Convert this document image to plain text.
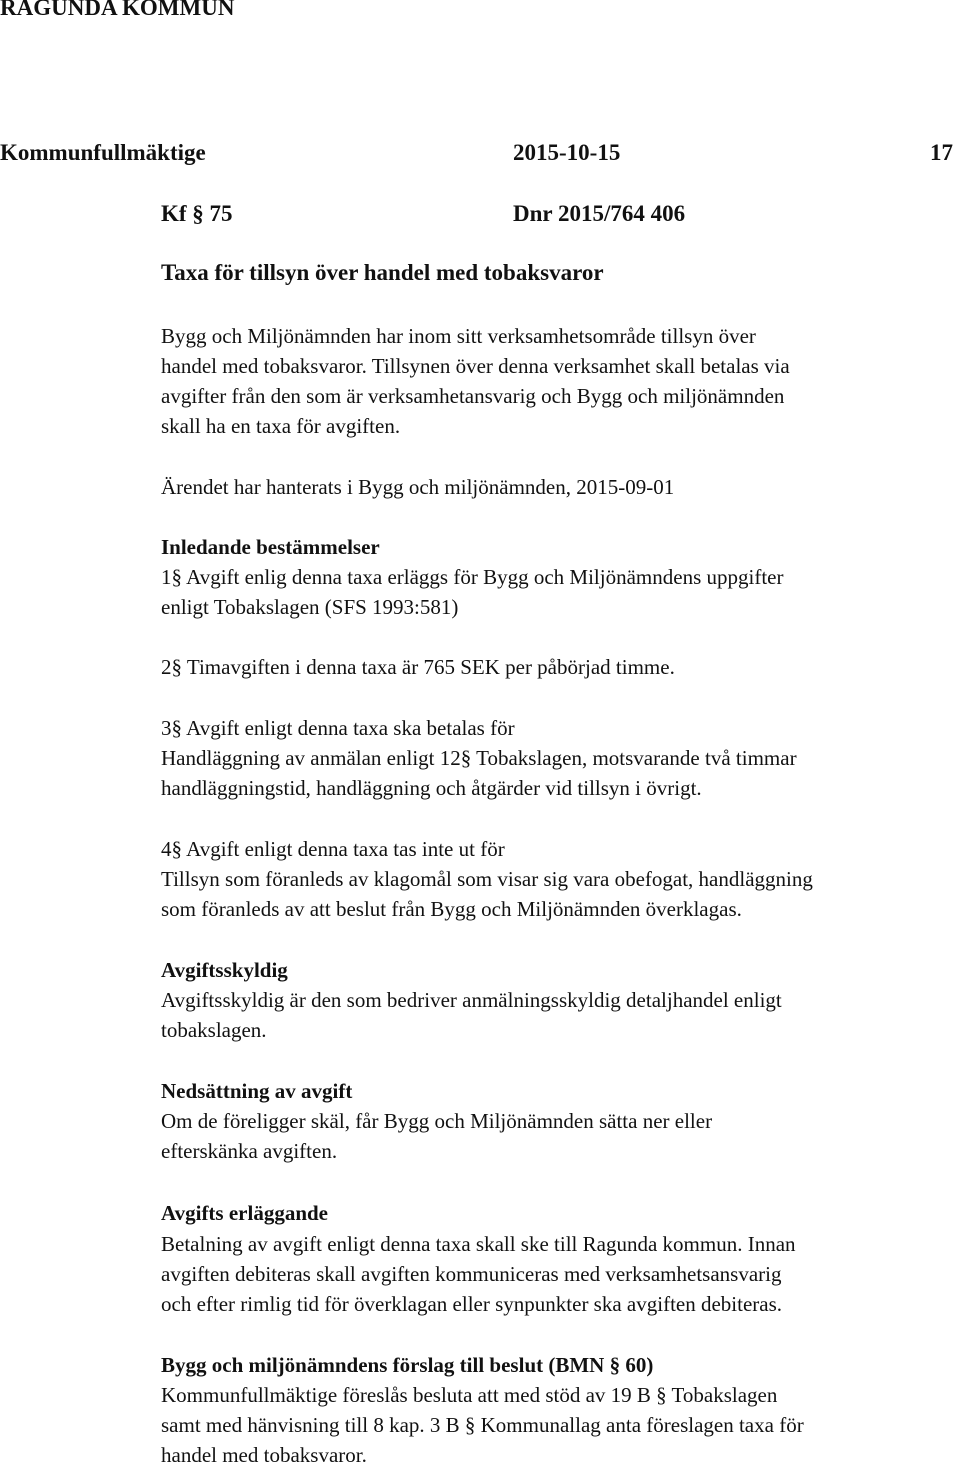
RAGUNDA KOMMUN
Kommunfullmäktige	2015-10-15	17
Kf § 75	Dnr 2015/764 406
Taxa för tillsyn över handel med tobaksvaror
Bygg och Miljönämnden har inom sitt verksamhetsområde tillsyn över
handel med tobaksvaror. Tillsynen över denna verksamhet skall betalas via
avgifter från den som är verksamhetansvarig och Bygg och miljönämnden
skall ha en taxa för avgiften.
Ärendet har hanterats i Bygg och miljönämnden, 2015-09-01
Inledande bestämmelser
1§ Avgift enlig denna taxa erläggs för Bygg och Miljönämndens uppgifter
enligt Tobakslagen (SFS 1993:581)
2§ Timavgiften i denna taxa är 765 SEK per påbörjad timme.
3§ Avgift enligt denna taxa ska betalas för
Handläggning av anmälan enligt 12§ Tobakslagen, motsvarande två timmar
handläggningstid, handläggning och åtgärder vid tillsyn i övrigt.
4§ Avgift enligt denna taxa tas inte ut för
Tillsyn som föranleds av klagomål som visar sig vara obefogat, handläggning
som föranleds av att beslut från Bygg och Miljönämnden överklagas.
Avgiftsskyldig
Avgiftsskyldig är den som bedriver anmälningsskyldig detaljhandel enligt
tobakslagen.
Nedsättning av avgift
Om de föreligger skäl, får Bygg och Miljönämnden sätta ner eller
efterskänka avgiften.
Avgifts erläggande
Betalning av avgift enligt denna taxa skall ske till Ragunda kommun. Innan
avgiften debiteras skall avgiften kommuniceras med verksamhetsansvarig
och efter rimlig tid för överklagan eller synpunkter ska avgiften debiteras.
Bygg och miljönämndens förslag till beslut (BMN § 60)
Kommunfullmäktige föreslås besluta att med stöd av 19 B § Tobakslagen
samt med hänvisning till 8 kap. 3 B § Kommunallag anta föreslagen taxa för
handel med tobaksvaror.
